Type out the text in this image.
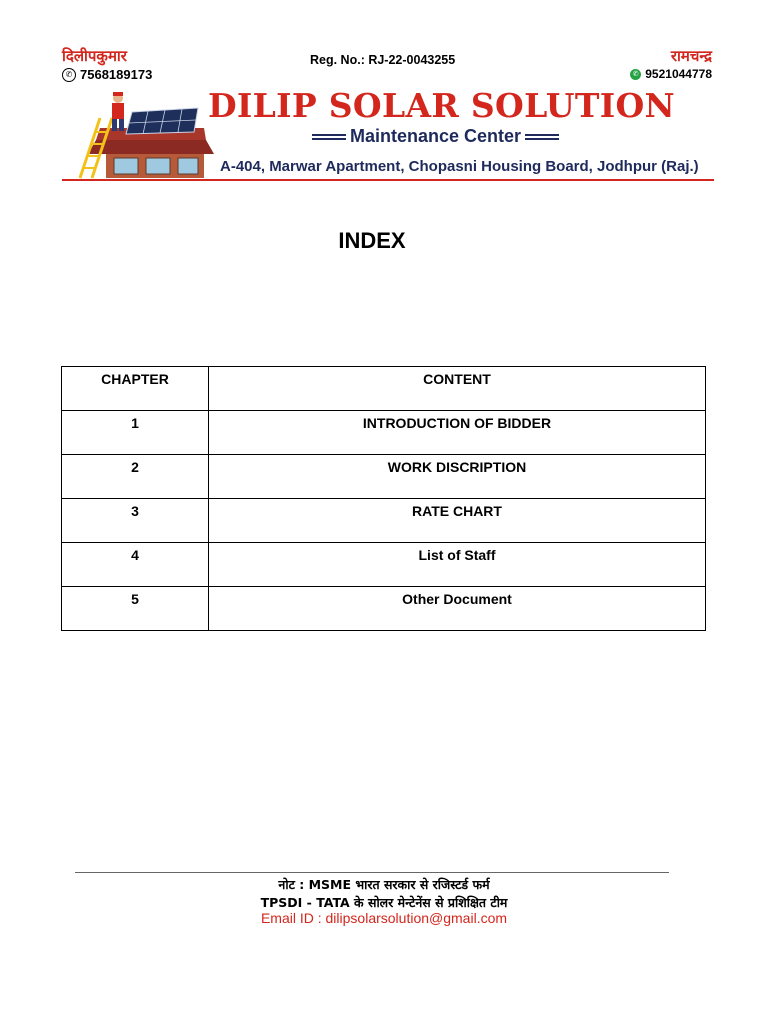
दिलीपकुमार
✆ 7568189173
Reg. No.: RJ-22-0043255	रामचन्द्र
✆ 9521044778
DILIP SOLAR SOLUTION
Maintenance Center
A-404, Marwar Apartment, Chopasni Housing Board, Jodhpur (Raj.)
INDEX
CHAPTER	CONTENT
1	INTRODUCTION OF BIDDER
2	WORK DISCRIPTION
3	RATE CHART
4	List of Staff
5	Other Document
नोट : MSME भारत सरकार से रजिस्टर्ड फर्म
TPSDI - TATA के सोलर मेन्टेनेंस से प्रशिक्षित टीम
Email ID : dilipsolarsolution@gmail.com
